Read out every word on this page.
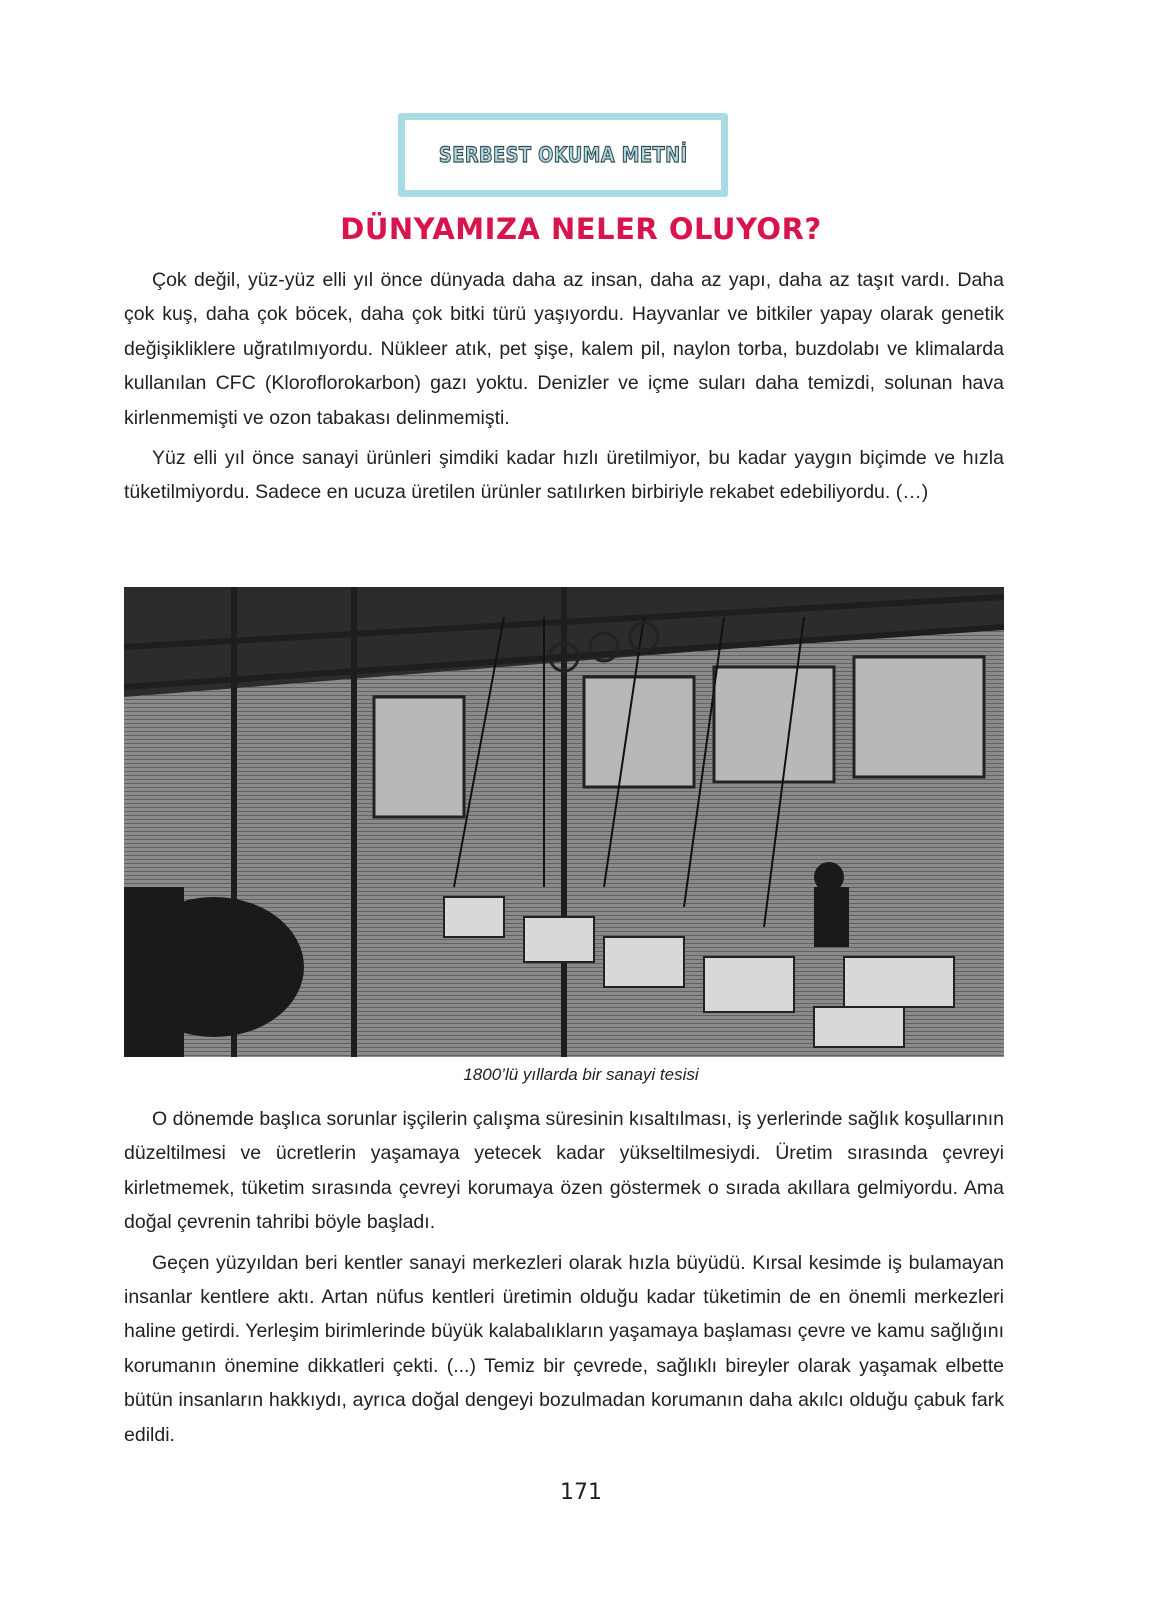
SERBEST OKUMA METNİ
DÜNYAMIZA NELER OLUYOR?

Çok değil, yüz-yüz elli yıl önce dünyada daha az insan, daha az yapı, daha az taşıt vardı. Daha çok kuş, daha çok böcek, daha çok bitki türü yaşıyordu. Hayvanlar ve bitkiler yapay olarak genetik değişikliklere uğratılmıyordu. Nükleer atık, pet şişe, kalem pil, naylon torba, buzdolabı ve klimalarda kullanılan CFC (Kloroflorokarbon) gazı yoktu. Denizler ve içme suları daha temizdi, solunan hava kirlenmemişti ve ozon tabakası delinmemişti.

Yüz elli yıl önce sanayi ürünleri şimdiki kadar hızlı üretilmiyor, bu kadar yaygın biçimde ve hızla tüketilmiyordu. Sadece en ucuza üretilen ürünler satılırken birbiriyle rekabet edebiliyordu. (…)

1800’lü yıllarda bir sanayi tesisi

O dönemde başlıca sorunlar işçilerin çalışma süresinin kısaltılması, iş yerlerinde sağlık koşullarının düzeltilmesi ve ücretlerin yaşamaya yetecek kadar yükseltilmesiydi. Üretim sırasında çevreyi kirletmemek, tüketim sırasında çevreyi korumaya özen göstermek o sırada akıllara gelmiyordu. Ama doğal çevrenin tahribi böyle başladı.

Geçen yüzyıldan beri kentler sanayi merkezleri olarak hızla büyüdü. Kırsal kesimde iş bulamayan insanlar kentlere aktı. Artan nüfus kentleri üretimin olduğu kadar tüketimin de en önemli merkezleri haline getirdi. Yerleşim birimlerinde büyük kalabalıkların yaşamaya başlaması çevre ve kamu sağlığını korumanın önemine dikkatleri çekti. (...) Temiz bir çevrede, sağlıklı bireyler olarak yaşamak elbette bütün insanların hakkıydı, ayrıca doğal dengeyi bozulmadan korumanın daha akılcı olduğu çabuk fark edildi.

171
